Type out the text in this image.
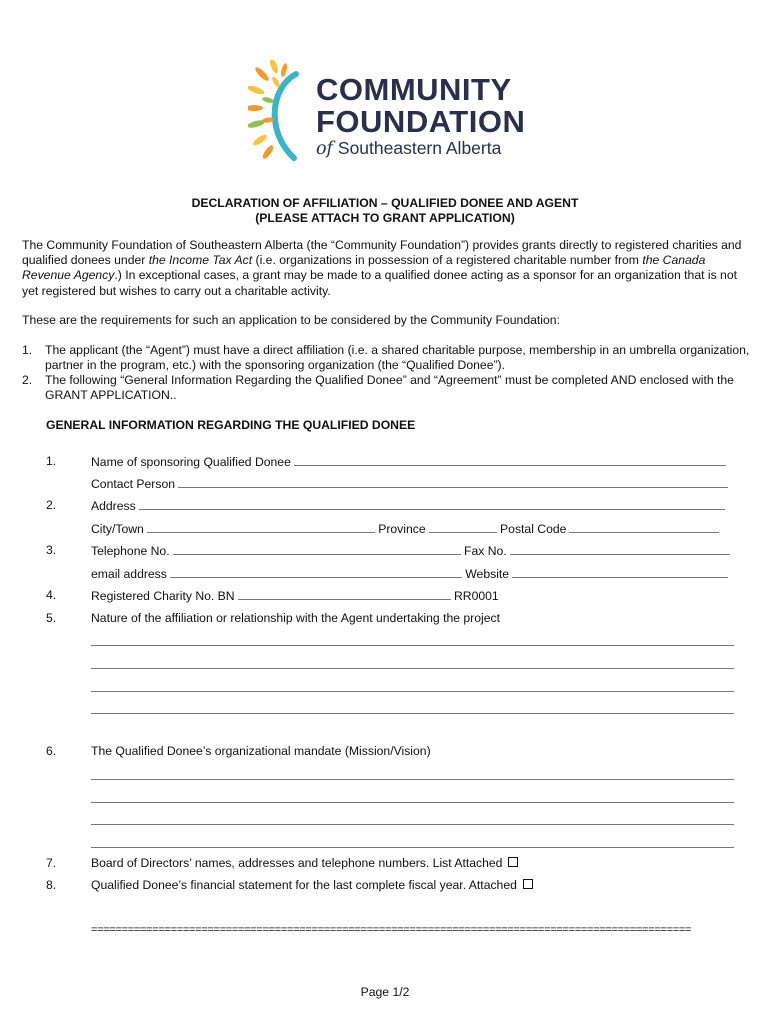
COMMUNITY
FOUNDATION
of Southeastern Alberta
DECLARATION OF AFFILIATION – QUALIFIED DONEE AND AGENT
(PLEASE ATTACH TO GRANT APPLICATION)
The Community Foundation of Southeastern Alberta (the “Community Foundation”) provides grants directly to registered charities and qualified donees under the Income Tax Act (i.e. organizations in possession of a registered charitable number from the Canada Revenue Agency.) In exceptional cases, a grant may be made to a qualified donee acting as a sponsor for an organization that is not yet registered but wishes to carry out a charitable activity.
These are the requirements for such an application to be considered by the Community Foundation:
1. The applicant (the “Agent”) must have a direct affiliation (i.e. a shared charitable purpose, membership in an umbrella organization, partner in the program, etc.) with the sponsoring organization (the “Qualified Donee”).
2. The following “General Information Regarding the Qualified Donee” and “Agreement” must be completed AND enclosed with the GRANT APPLICATION..
GENERAL INFORMATION REGARDING THE QUALIFIED DONEE
1.	Name of sponsoring Qualified Donee
Contact Person
2.	Address
City/Town	Province	Postal Code
3.	Telephone No.	Fax No.
email address	Website
4.	Registered Charity No. BN	RR0001
5.	Nature of the affiliation or relationship with the Agent undertaking the project
6.	The Qualified Donee’s organizational mandate (Mission/Vision)
7.	Board of Directors’ names, addresses and telephone numbers. List Attached
8.	Qualified Donee’s financial statement for the last complete fiscal year. Attached
==================================================================================================
Page 1/2
